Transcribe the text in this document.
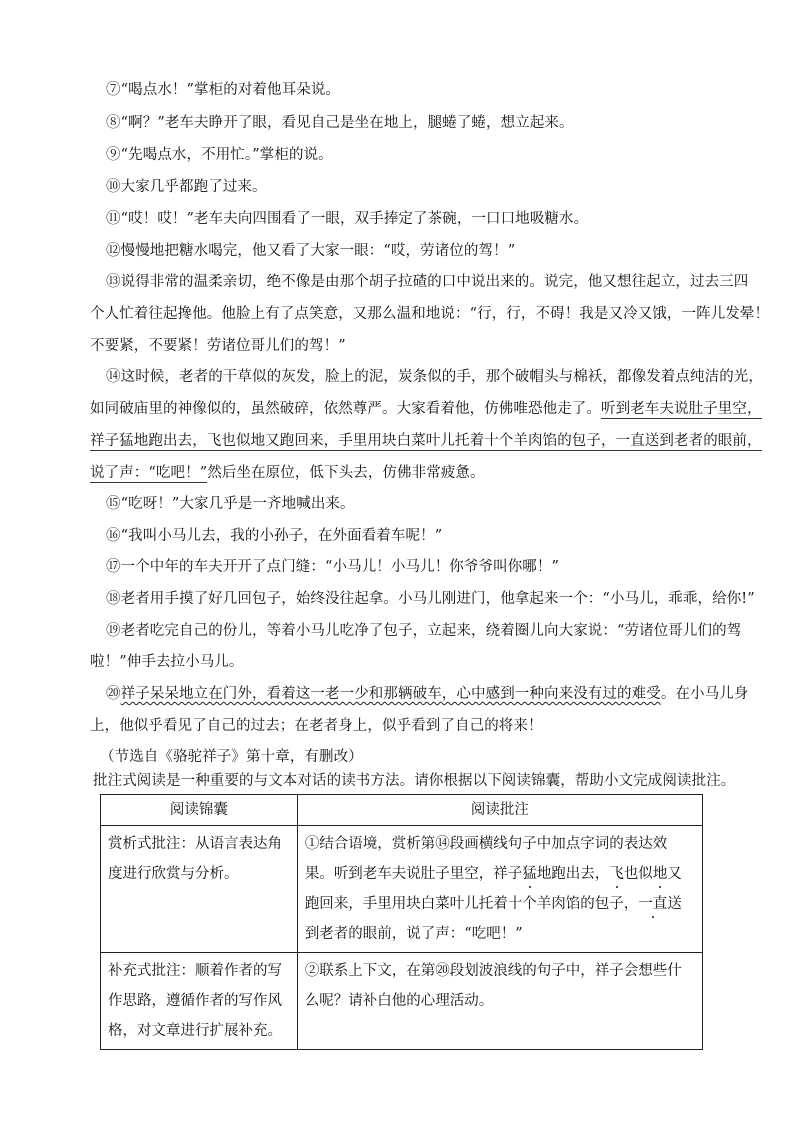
⑦“喝点水！”掌柜的对着他耳朵说。
⑧“啊？”老车夫睁开了眼，看见自己是坐在地上，腿蜷了蜷，想立起来。
⑨“先喝点水，不用忙。”掌柜的说。
⑩大家几乎都跑了过来。
⑪“哎！哎！”老车夫向四围看了一眼，双手捧定了茶碗，一口口地吸糖水。
⑫慢慢地把糖水喝完，他又看了大家一眼：“哎，劳诸位的驾！”
⑬说得非常的温柔亲切，绝不像是由那个胡子拉碴的口中说出来的。说完，他又想往起立，过去三四
个人忙着往起搀他。他脸上有了点笑意，又那么温和地说：“行，行，不碍！我是又冷又饿，一阵儿发晕！
不要紧，不要紧！劳诸位哥儿们的驾！”
⑭这时候，老者的干草似的灰发，脸上的泥，炭条似的手，那个破帽头与棉袄，都像发着点纯洁的光，
如同破庙里的神像似的，虽然破碎，依然尊严。大家看着他，仿佛唯恐他走了。听到老车夫说肚子里空，
祥子猛地跑出去，飞也似地又跑回来，手里用块白菜叶儿托着十个羊肉馅的包子，一直送到老者的眼前，
说了声：“吃吧！”然后坐在原位，低下头去，仿佛非常疲惫。
⑮“吃呀！”大家几乎是一齐地喊出来。
⑯“我叫小马儿去，我的小孙子，在外面看着车呢！”
⑰一个中年的车夫开开了点门缝：“小马儿！小马儿！你爷爷叫你哪！”
⑱老者用手摸了好几回包子，始终没往起拿。小马儿刚进门，他拿起来一个：“小马儿，乖乖，给你!”
⑲老者吃完自己的份儿，等着小马儿吃净了包子，立起来，绕着圈儿向大家说：“劳诸位哥儿们的驾
啦！”伸手去拉小马儿。
⑳祥子呆呆地立在门外，看着这一老一少和那辆破车，心中感到一种向来没有过的难受。在小马儿身
上，他似乎看见了自己的过去；在老者身上，似乎看到了自己的将来！
（节选自《骆驼祥子》第十章，有删改）
批注式阅读是一种重要的与文本对话的读书方法。请你根据以下阅读锦囊，帮助小文完成阅读批注。
阅读锦囊	阅读批注

赏析式批注：从语言表达角度进行欣赏与分析。	①结合语境，赏析第⑭段画横线句子中加点字词的表达效果。听到老车夫说肚子里空，祥子猛地跑出去，飞也似地又跑回来，手里用块白菜叶儿托着十个羊肉馅的包子，一直送到老者的眼前，说了声：“吃吧！”

补充式批注：顺着作者的写作思路，遵循作者的写作风格，对文章进行扩展补充。	②联系上下文，在第⑳段划波浪线的句子中，祥子会想些什么呢？请补白他的心理活动。
